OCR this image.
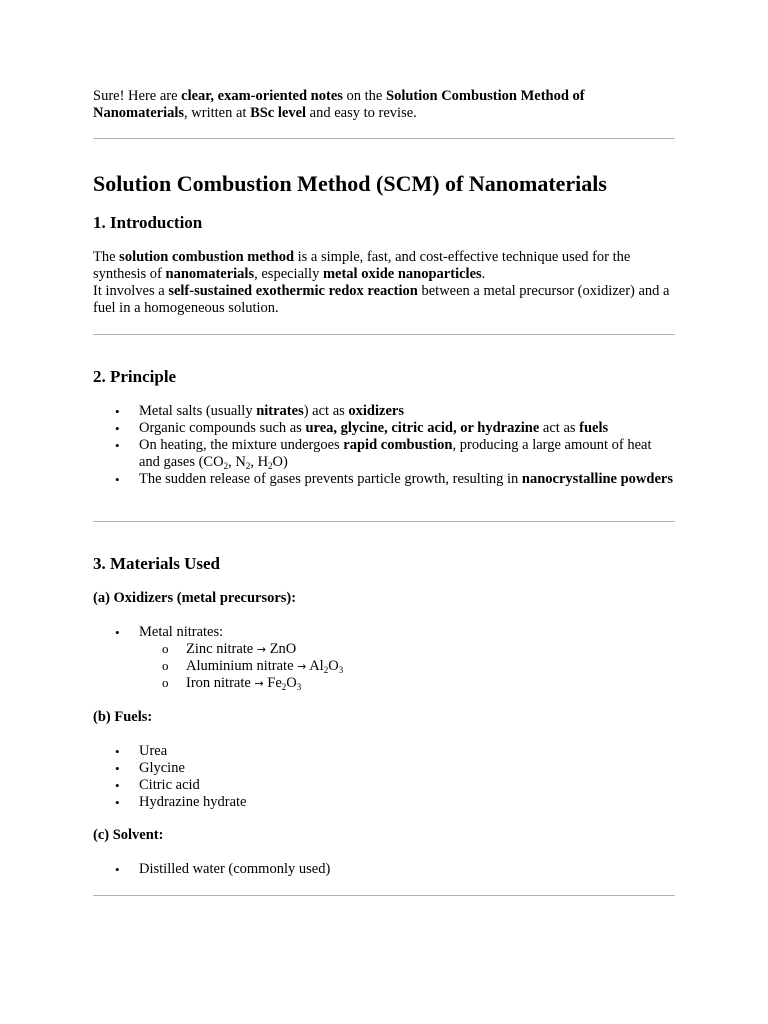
Sure! Here are clear, exam-oriented notes on the Solution Combustion Method of Nanomaterials, written at BSc level and easy to revise.

Solution Combustion Method (SCM) of Nanomaterials
1. Introduction

The solution combustion method is a simple, fast, and cost-effective technique used for the synthesis of nanomaterials, especially metal oxide nanoparticles.

It involves a self-sustained exothermic redox reaction between a metal precursor (oxidizer) and a fuel in a homogeneous solution.

2. Principle
• Metal salts (usually nitrates) act as oxidizers
• Organic compounds such as urea, glycine, citric acid, or hydrazine act as fuels
• On heating, the mixture undergoes rapid combustion, producing a large amount of heat and gases ($CO_2$, $N_2$, $H_2O$)
• The sudden release of gases prevents particle growth, resulting in nanocrystalline powders
3. Materials Used

(a) Oxidizers (metal precursors):

• Metal nitrates:
o Zinc nitrate → ZnO
o Aluminium nitrate → $Al_2O_3$
o Iron nitrate → $Fe_2O_3$

(b) Fuels:

• Urea
• Glycine
• Citric acid
• Hydrazine hydrate

(c) Solvent:

• Distilled water (commonly used)
